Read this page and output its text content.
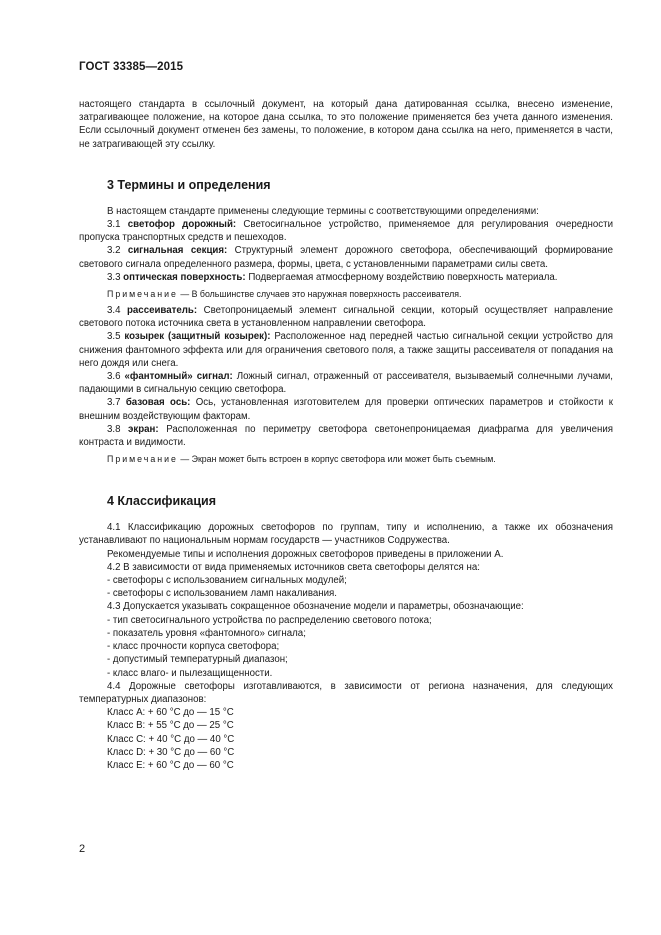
ГОСТ 33385—2015

настоящего стандарта в ссылочный документ, на который дана датированная ссылка, внесено изменение, затрагивающее положение, на которое дана ссылка, то это положение применяется без учета данного изменения. Если ссылочный документ отменен без замены, то положение, в котором дана ссылка на него, применяется в части, не затрагивающей эту ссылку.

3 Термины и определения

В настоящем стандарте применены следующие термины с соответствующими определениями:

3.1 светофор дорожный: Светосигнальное устройство, применяемое для регулирования очередности пропуска транспортных средств и пешеходов.

3.2 сигнальная секция: Структурный элемент дорожного светофора, обеспечивающий формирование светового сигнала определенного размера, формы, цвета, с установленными параметрами силы света.

3.3 оптическая поверхность: Подвергаемая атмосферному воздействию поверхность материала.

Примечание — В большинстве случаев это наружная поверхность рассеивателя.

3.4 рассеиватель: Светопроницаемый элемент сигнальной секции, который осуществляет направление светового потока источника света в установленном направлении светофора.

3.5 козырек (защитный козырек): Расположенное над передней частью сигнальной секции устройство для снижения фантомного эффекта или для ограничения светового поля, а также защиты рассеивателя от попадания на него дождя или снега.

3.6 «фантомный» сигнал: Ложный сигнал, отраженный от рассеивателя, вызываемый солнечными лучами, падающими в сигнальную секцию светофора.

3.7 базовая ось: Ось, установленная изготовителем для проверки оптических параметров и стойкости к внешним воздействующим факторам.

3.8 экран: Расположенная по периметру светофора светонепроницаемая диафрагма для увеличения контраста и видимости.

Примечание — Экран может быть встроен в корпус светофора или может быть съемным.

4 Классификация

4.1 Классификацию дорожных светофоров по группам, типу и исполнению, а также их обозначения устанавливают по национальным нормам государств — участников Содружества.

Рекомендуемые типы и исполнения дорожных светофоров приведены в приложении А.

4.2 В зависимости от вида применяемых источников света светофоры делятся на:

- светофоры с использованием сигнальных модулей;

- светофоры с использованием ламп накаливания.

4.3 Допускается указывать сокращенное обозначение модели и параметры, обозначающие:

- тип светосигнального устройства по распределению светового потока;

- показатель уровня «фантомного» сигнала;

- класс прочности корпуса светофора;

- допустимый температурный диапазон;

- класс влаго- и пылезащищенности.

4.4 Дорожные светофоры изготавливаются, в зависимости от региона назначения, для следующих температурных диапазонов:

Класс А: + 60 °С до — 15 °С

Класс В: + 55 °С до — 25 °С

Класс С: + 40 °С до — 40 °С

Класс D: + 30 °С до — 60 °С

Класс Е: + 60 °С до — 60 °С

2
